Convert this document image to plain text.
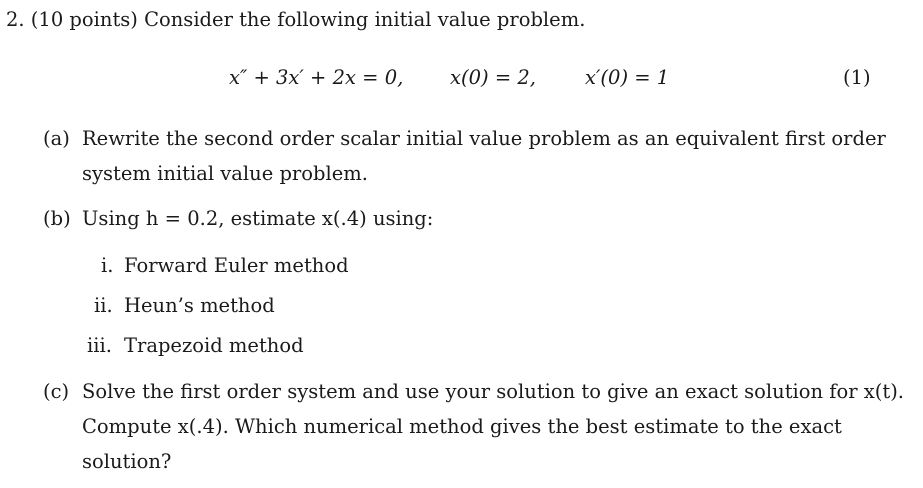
2. (10 points) Consider the following initial value problem.
x″ + 3x′ + 2x = 0, x(0) = 2,	x′(0) = 1	(1)
(a) Rewrite the second order scalar initial value problem as an equivalent first order
system initial value problem.
(b) Using h = 0.2, estimate x(.4) using:
i. Forward Euler method
ii. Heun’s method
iii. Trapezoid method
(c) Solve the first order system and use your solution to give an exact solution for x(t).
Compute x(.4). Which numerical method gives the best estimate to the exact
solution?
